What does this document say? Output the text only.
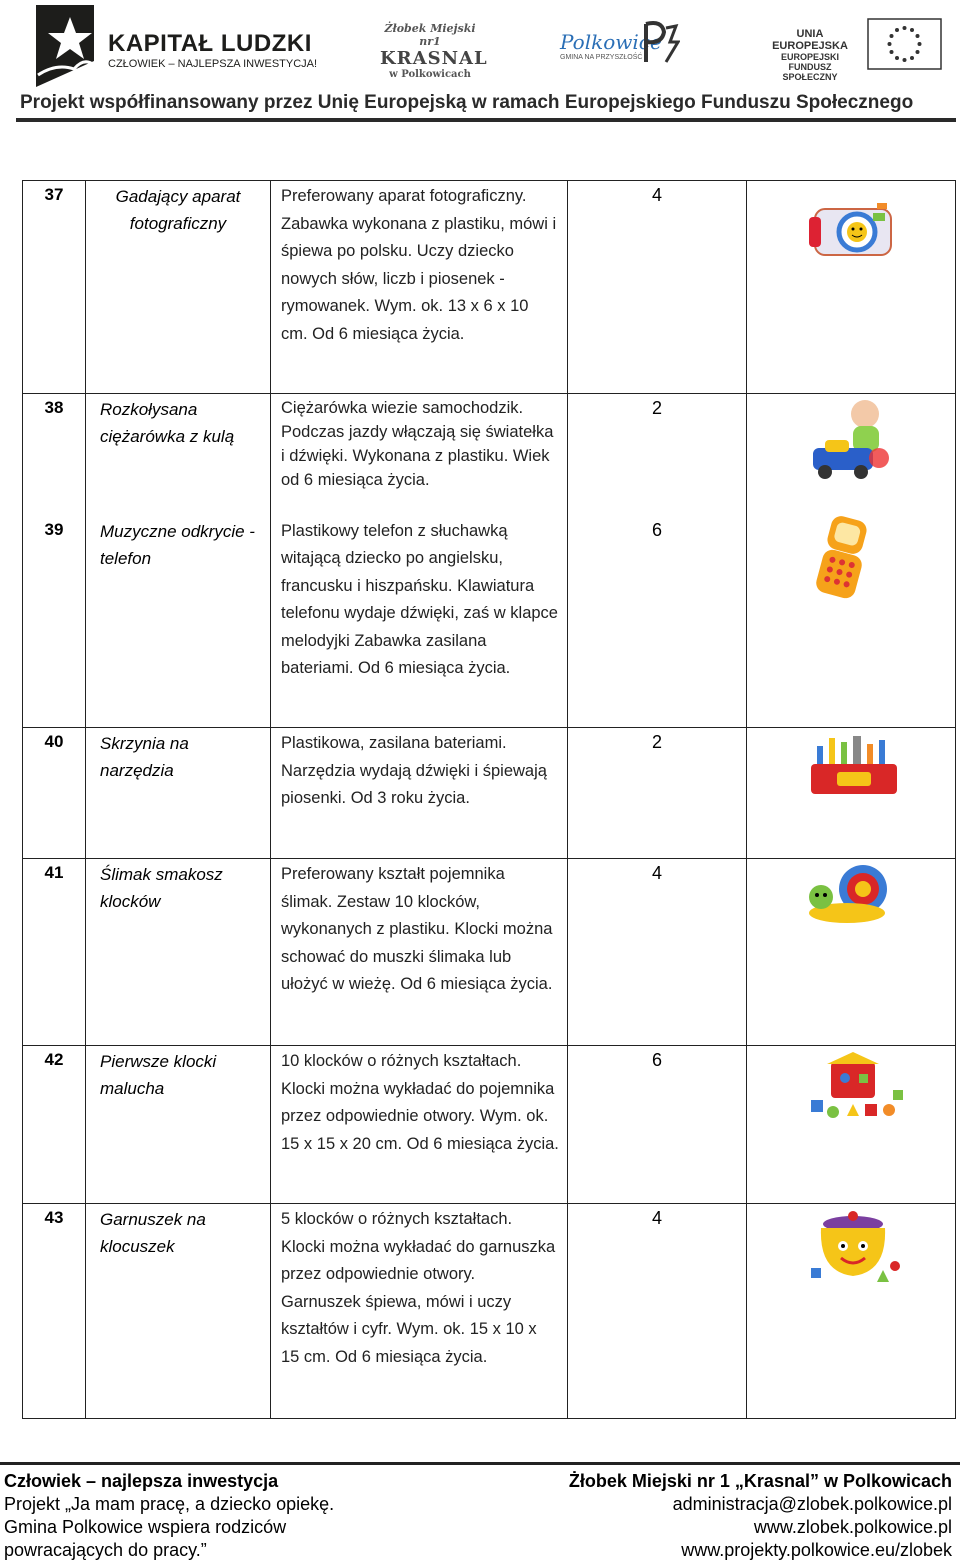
KAPITAŁ LUDZKI
CZŁOWIEK – NAJLEPSZA INWESTYCJA!
Żłobek Miejski nr1
KRASNAL
w Polkowicach
Polkowice
GMINA NA PRZYSZŁOŚĆ
UNIA EUROPEJSKA
EUROPEJSKI
FUNDUSZ SPOŁECZNY
Projekt współfinansowany przez Unię Europejską w ramach Europejskiego Funduszu Społecznego
37	Gadający aparat fotograficzny	Preferowany aparat fotograficzny. Zabawka wykonana z plastiku, mówi i śpiewa po polsku. Uczy dziecko nowych słów, liczb i piosenek - rymowanek. Wym. ok. 13 x 6 x 10 cm. Od 6 miesiąca życia.	4	
38	Rozkołysana ciężarówka z kulą	Ciężarówka wiezie samochodzik. Podczas jazdy włączają się światełka i dźwięki. Wykonana z plastiku. Wiek od 6 miesiąca życia.	2	
39	Muzyczne odkrycie - telefon	Plastikowy telefon z słuchawką witającą dziecko po angielsku, francusku i hiszpańsku. Klawiatura telefonu wydaje dźwięki, zaś w klapce melodyjki Zabawka zasilana bateriami. Od 6 miesiąca życia.	6	
40	Skrzynia na narzędzia	Plastikowa, zasilana bateriami. Narzędzia wydają dźwięki i śpiewają piosenki. Od 3 roku życia.	2	
41	Ślimak smakosz klocków	Preferowany kształt pojemnika ślimak. Zestaw 10 klocków, wykonanych z plastiku. Klocki można schować do muszki ślimaka lub ułożyć w wieżę. Od 6 miesiąca życia.	4	
42	Pierwsze klocki malucha	10 klocków o różnych kształtach. Klocki można wykładać do pojemnika przez odpowiednie otwory. Wym. ok. 15 x 15 x 20 cm. Od 6 miesiąca życia.	6	
43	Garnuszek na klocuszek	5 klocków o różnych kształtach. Klocki można wykładać do garnuszka przez odpowiednie otwory. Garnuszek śpiewa, mówi i uczy kształtów i cyfr. Wym. ok. 15 x 10 x 15 cm. Od 6 miesiąca życia.	4	
Człowiek – najlepsza inwestycja
Projekt „Ja mam pracę, a dziecko opiekę.
Gmina Polkowice wspiera rodziców
powracających do pracy.”
Żłobek Miejski nr 1 „Krasnal” w Polkowicach
administracja@zlobek.polkowice.pl
www.zlobek.polkowice.pl
www.projekty.polkowice.eu/zlobek
